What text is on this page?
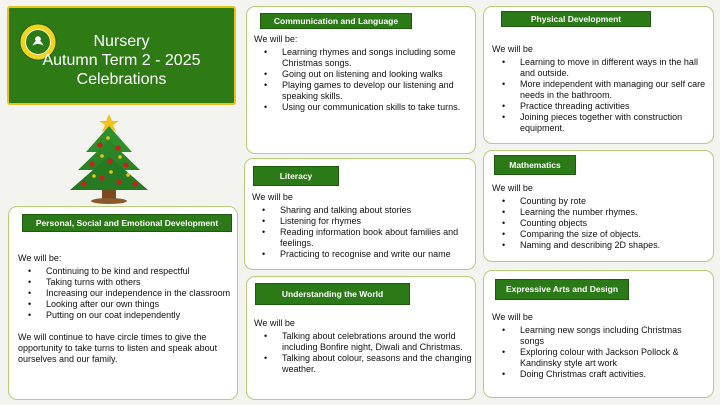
Nursery
Autumn Term 2 - 2025
Celebrations
Communication and Language
We will be:
• Learning rhymes and songs including some Christmas songs.
• Going out on listening and looking walks
• Playing games to develop our listening and speaking skills.
• Using our communication skills to take turns.
Physical Development
We will be
• Learning to move in different ways in the hall and outside.
• More independent with managing our self care needs in the bathroom.
• Practice threading activities
• Joining pieces together with construction equipment.
Literacy
We will be
• Sharing and talking about stories
• Listening for rhymes
• Reading information book about families and feelings.
• Practicing to recognise and write our name
Mathematics
We will be
• Counting by rote
• Learning the number rhymes.
• Counting objects
• Comparing the size of objects.
• Naming and describing 2D shapes.
Personal, Social and Emotional Development
We will be:
• Continuing to be kind and respectful
• Taking turns with others
• Increasing our independence in the classroom
• Looking after our own things
• Putting on our coat independently

We will continue to have circle times to give the opportunity to take turns to listen and speak about ourselves and our family.

Understanding the World
We will be
• Talking about celebrations around the world including Bonfire night, Diwali and Christmas.
• Talking about colour, seasons and the changing weather.
Expressive Arts and Design
We will be
• Learning new songs including Christmas songs
• Exploring colour with Jackson Pollock & Kandinsky style art work
• Doing Christmas craft activities.
